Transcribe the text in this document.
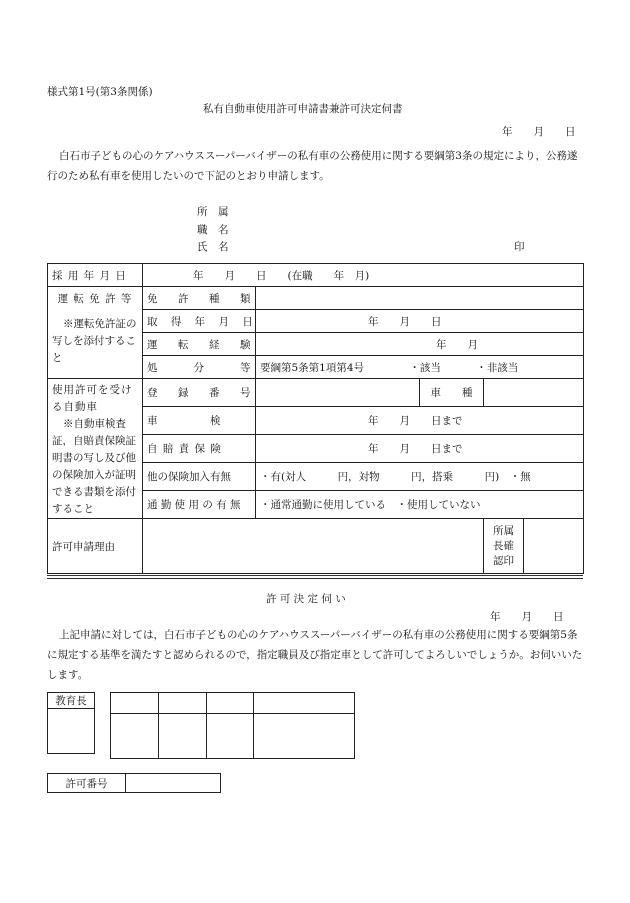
様式第1号(第3条関係)
私有自動車使用許可申請書兼許可決定伺書
年　　月　　日
白石市子どもの心のケアハウススーパーバイザーの私有車の公務使用に関する要綱第3条の規定により，公務遂行のため私有車を使用したいので下記のとおり申請します。
所　属
職　名
氏　名	印
採 用 年 月 日	年　　月　　日　　(在職　　年　月)				

運 転 免 許 等
※運転免許証の写しを添付すること	免　許　種　類				
	取 得 年 月 日	年　　月　　日			
	運　転　経　験	年　　月			
	処　　分　　等	要綱第5条第1項第4号 ・該当 ・非該当			

使用許可を受ける自動車
※自動車検査証，自賠責保険証明書の写し及び他の保険加入が証明できる書類を添付すること	登　録　番　号		車　　種		
	車　　　　　検	年　　月　　日まで			
	自 賠 責 保 険	年　　月　　日まで			
	他の保険加入有無	・有(対人　　　円，対物　　　円，搭乗　　　円)　・無			
	通 勤 使 用 の 有 無	・通常通勤に使用している　・使用していない			
許可申請理由				所属長確認印	
許 可 決 定 伺 い
年　　月　　日
上記申請に対しては，白石市子どもの心のケアハウススーパーバイザーの私有車の公務使用に関する要綱第5条に規定する基準を満たすと認められるので，指定職員及び指定車として許可してよろしいでしょうか。お伺いいたします。
教育長

許可番号	
